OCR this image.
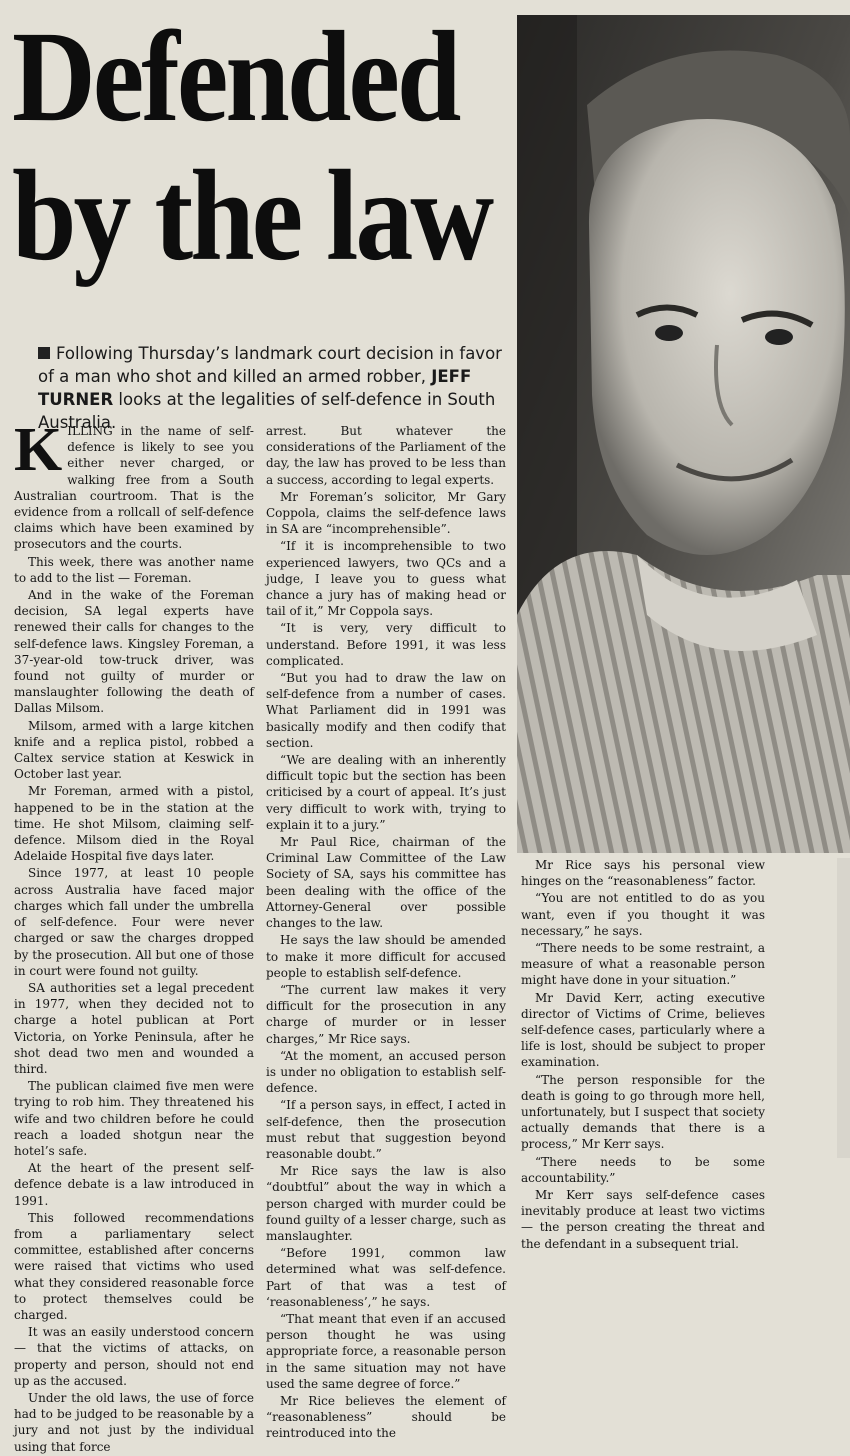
Defended
by the law
Following Thursday’s landmark court decision in favor of a man who shot and killed an armed robber, JEFF TURNER looks at the legalities of self-defence in South Australia.
K ILLING in the name of self-defence is likely to see you either never charged, or walking free from a South Australian courtroom. That is the evidence from a rollcall of self-defence claims which have been examined by prosecutors and the courts.

This week, there was another name to add to the list — Foreman.

And in the wake of the Foreman decision, SA legal experts have renewed their calls for changes to the self-defence laws. Kingsley Foreman, a 37-year-old tow-truck driver, was found not guilty of murder or manslaughter following the death of Dallas Milsom.

Milsom, armed with a large kitchen knife and a replica pistol, robbed a Caltex service station at Keswick in October last year.

Mr Foreman, armed with a pistol, happened to be in the station at the time. He shot Milsom, claiming self-defence. Milsom died in the Royal Adelaide Hospital five days later.

Since 1977, at least 10 people across Australia have faced major charges which fall under the umbrella of self-defence. Four were never charged or saw the charges dropped by the prosecution. All but one of those in court were found not guilty.

SA authorities set a legal precedent in 1977, when they decided not to charge a hotel publican at Port Victoria, on Yorke Peninsula, after he shot dead two men and wounded a third.

The publican claimed five men were trying to rob him. They threatened his wife and two children before he could reach a loaded shotgun near the hotel’s safe.

At the heart of the present self-defence debate is a law introduced in 1991.

This followed recommendations from a parliamentary select committee, established after concerns were raised that victims who used what they considered reasonable force to protect themselves could be charged.

It was an easily understood concern — that the victims of attacks, on property and person, should not end up as the accused.

Under the old laws, the use of force had to be judged to be reasonable by a jury and not just by the individual using that force

arrest. But whatever the considerations of the Parliament of the day, the law has proved to be less than a success, according to legal experts.

Mr Foreman’s solicitor, Mr Gary Coppola, claims the self-defence laws in SA are “incomprehensible”.

“If it is incomprehensible to two experienced lawyers, two QCs and a judge, I leave you to guess what chance a jury has of making head or tail of it,” Mr Coppola says.

“It is very, very difficult to understand. Before 1991, it was less complicated.

“But you had to draw the law on self-defence from a number of cases. What Parliament did in 1991 was basically modify and then codify that section.

“We are dealing with an inherently difficult topic but the section has been criticised by a court of appeal. It’s just very difficult to work with, trying to explain it to a jury.”

Mr Paul Rice, chairman of the Criminal Law Committee of the Law Society of SA, says his committee has been dealing with the office of the Attorney-General over possible changes to the law.

He says the law should be amended to make it more difficult for accused people to establish self-defence.

“The current law makes it very difficult for the prosecution in any charge of murder or in lesser charges,” Mr Rice says.

“At the moment, an accused person is under no obligation to establish self-defence.

“If a person says, in effect, I acted in self-defence, then the prosecution must rebut that suggestion beyond reasonable doubt.”

Mr Rice says the law is also “doubtful” about the way in which a person charged with murder could be found guilty of a lesser charge, such as manslaughter.

“Before 1991, common law determined what was self-defence. Part of that was a test of ‘reasonableness’,” he says.

“That meant that even if an accused person thought he was using appropriate force, a reasonable person in the same situation may not have used the same degree of force.”

Mr Rice believes the element of “reasonableness” should be reintroduced into the

Mr Rice says his personal view hinges on the “reasonableness” factor.

“You are not entitled to do as you want, even if you thought it was necessary,” he says.

“There needs to be some restraint, a measure of what a reasonable person might have done in your situation.”

Mr David Kerr, acting executive director of Victims of Crime, believes self-defence cases, particularly where a life is lost, should be subject to proper examination.

“The person responsible for the death is going to go through more hell, unfortunately, but I suspect that society actually demands that there is a process,” Mr Kerr says.

“There needs to be some accountability.”

Mr Kerr says self-defence cases inevitably produce at least two victims — the person creating the threat and the defendant in a subsequent trial.
